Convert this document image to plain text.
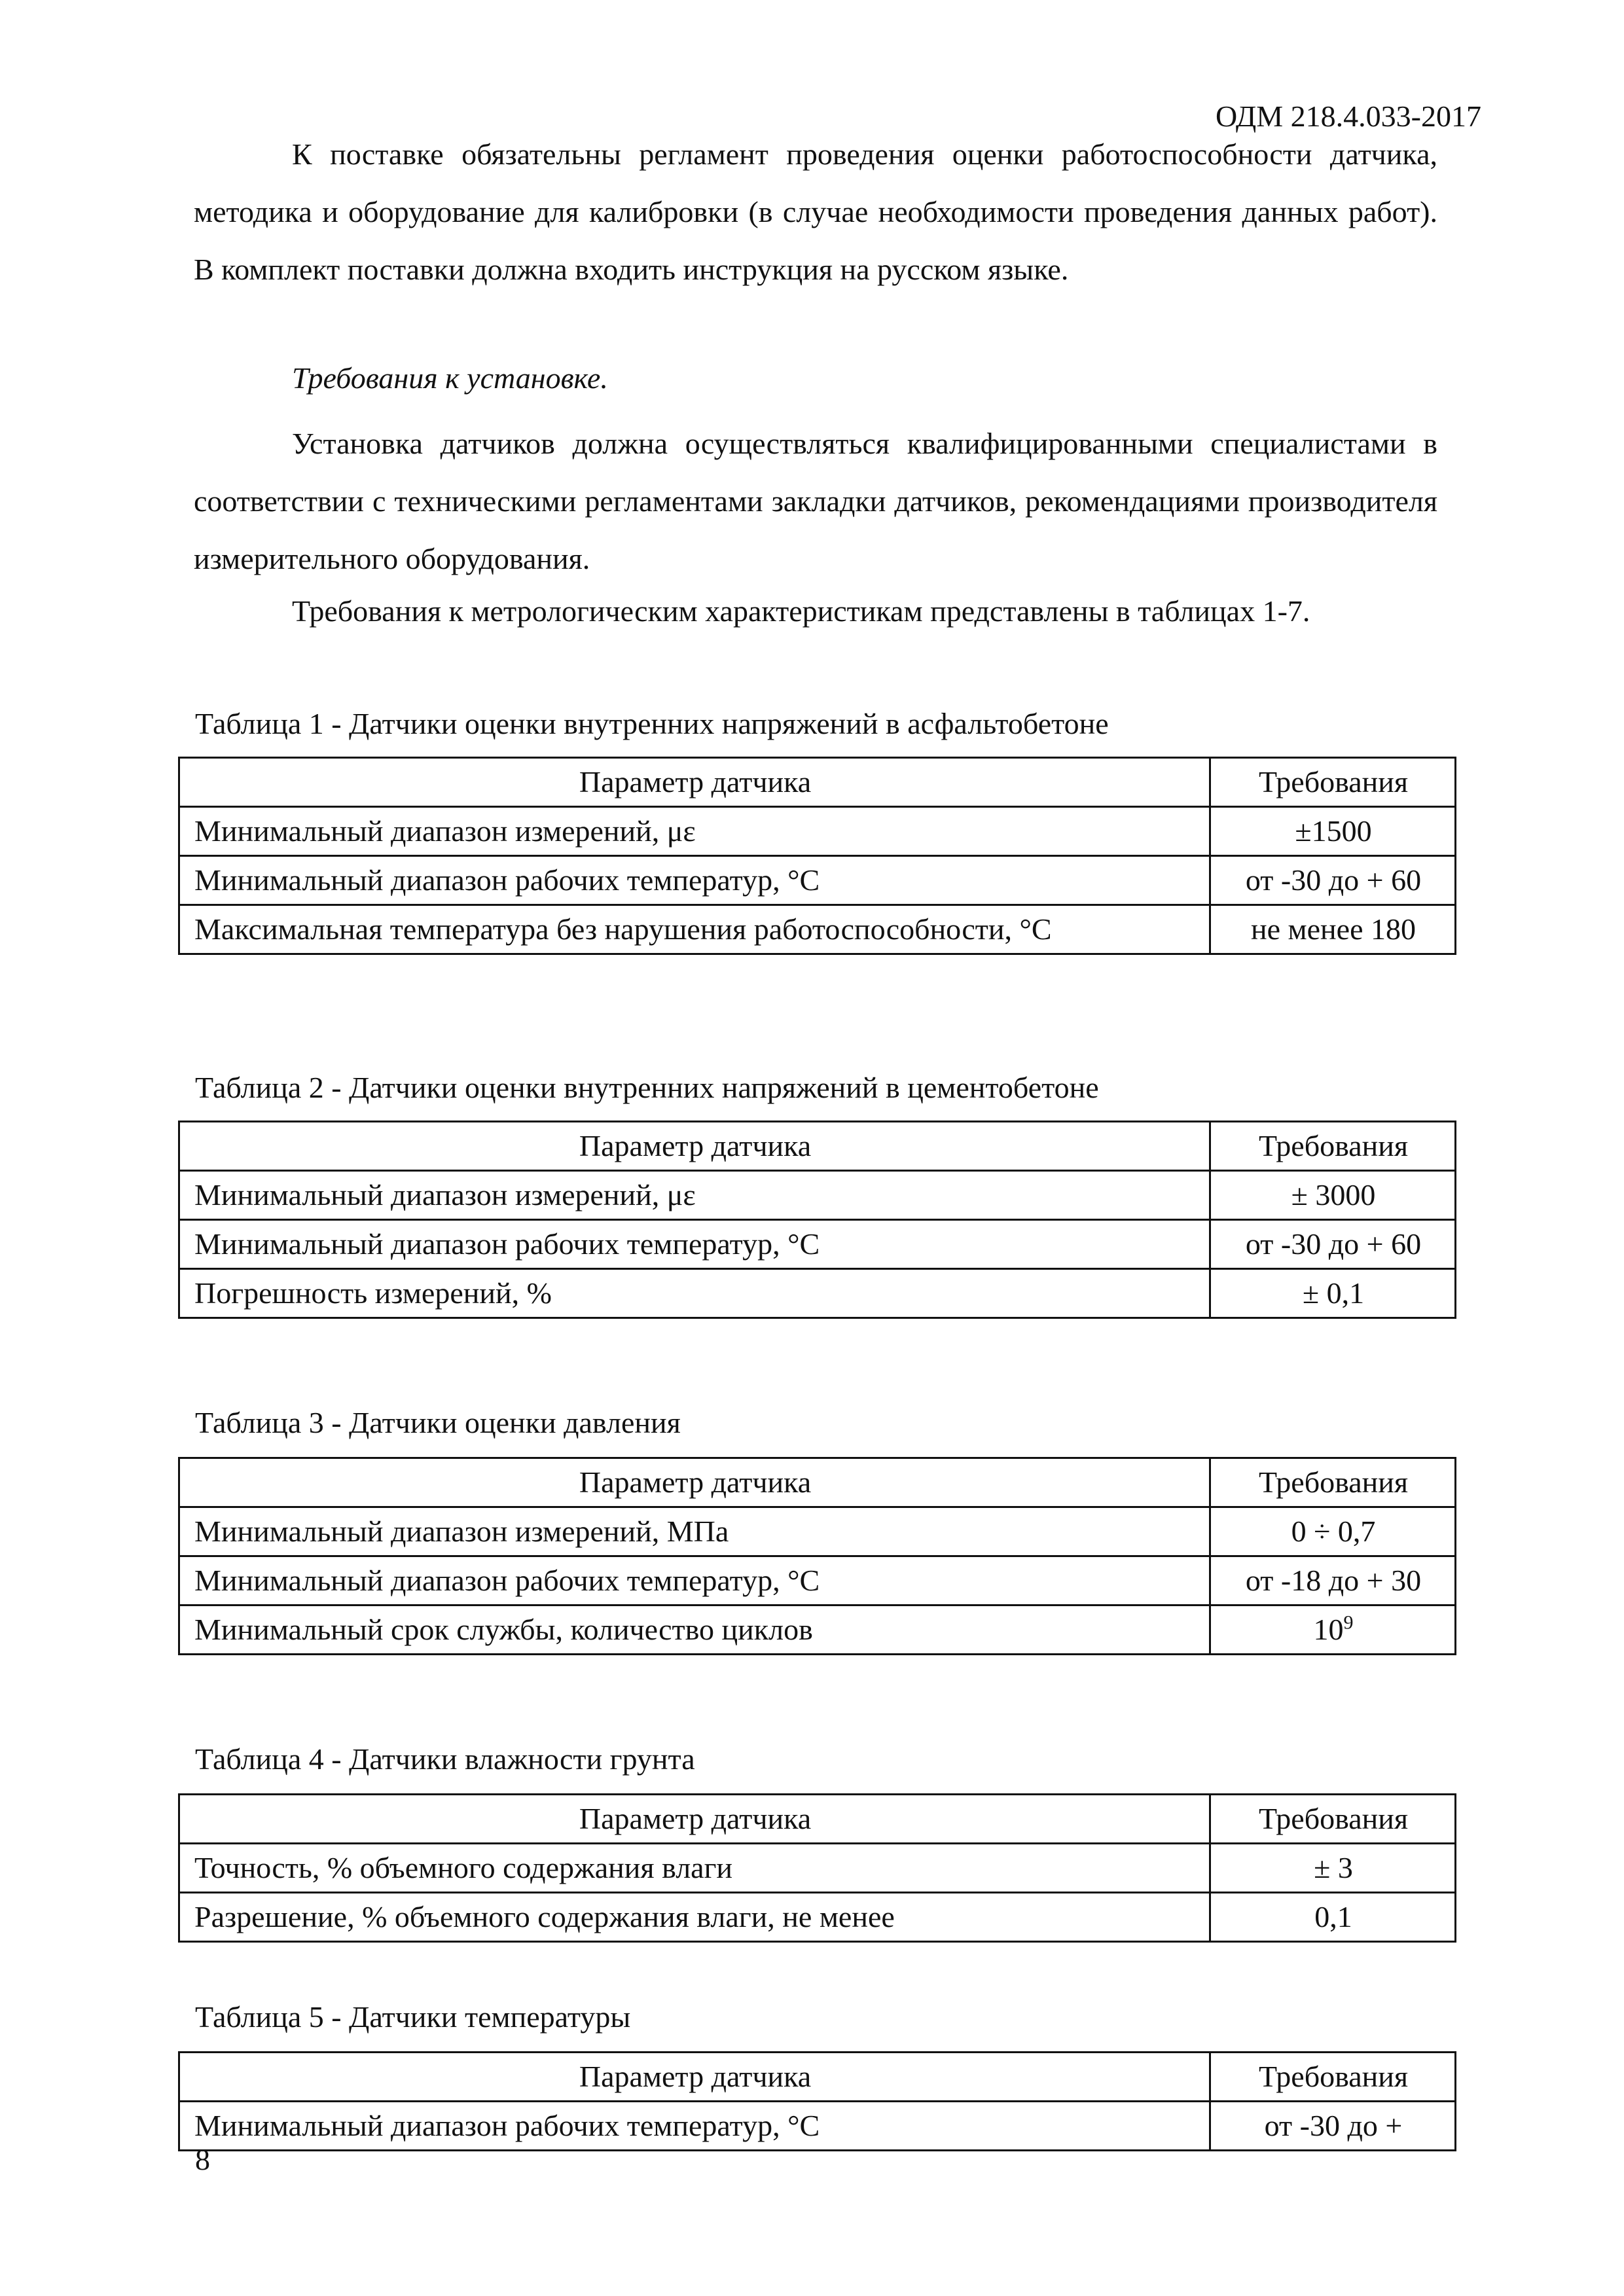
ОДМ 218.4.033-2017

К поставке обязательны регламент проведения оценки работоспособности датчика, методика и оборудование для калибровки (в случае необходимости проведения данных работ). В комплект поставки должна входить инструкция на русском языке.

Требования к установке.

Установка датчиков должна осуществляться квалифицированными специалистами в соответствии с техническими регламентами закладки датчиков, рекомендациями производителя измерительного оборудования.

Требования к метрологическим характеристикам представлены в таблицах 1-7.

Таблица 1 - Датчики оценки внутренних напряжений в асфальтобетоне
Параметр датчика	Требования
Минимальный диапазон измерений, με	±1500
Минимальный диапазон рабочих температур, °С	от -30 до + 60
Максимальная температура без нарушения работоспособности, °С	не менее 180
Таблица 2 - Датчики оценки внутренних напряжений в цементобетоне
Параметр датчика	Требования
Минимальный диапазон измерений, με	± 3000
Минимальный диапазон рабочих температур, °С	от -30 до + 60
Погрешность измерений, %	± 0,1
Таблица 3 - Датчики оценки давления
Параметр датчика	Требования
Минимальный диапазон измерений, МПа	0 ÷ 0,7
Минимальный диапазон рабочих температур, °С	от -18 до + 30
Минимальный срок службы, количество циклов	$10^9$
Таблица 4 - Датчики влажности грунта
Параметр датчика	Требования
Точность, % объемного содержания влаги	± 3
Разрешение, % объемного содержания влаги, не менее	0,1
Таблица 5 - Датчики температуры
Параметр датчика	Требования
Минимальный диапазон рабочих температур, °С	от -30 до +
8
